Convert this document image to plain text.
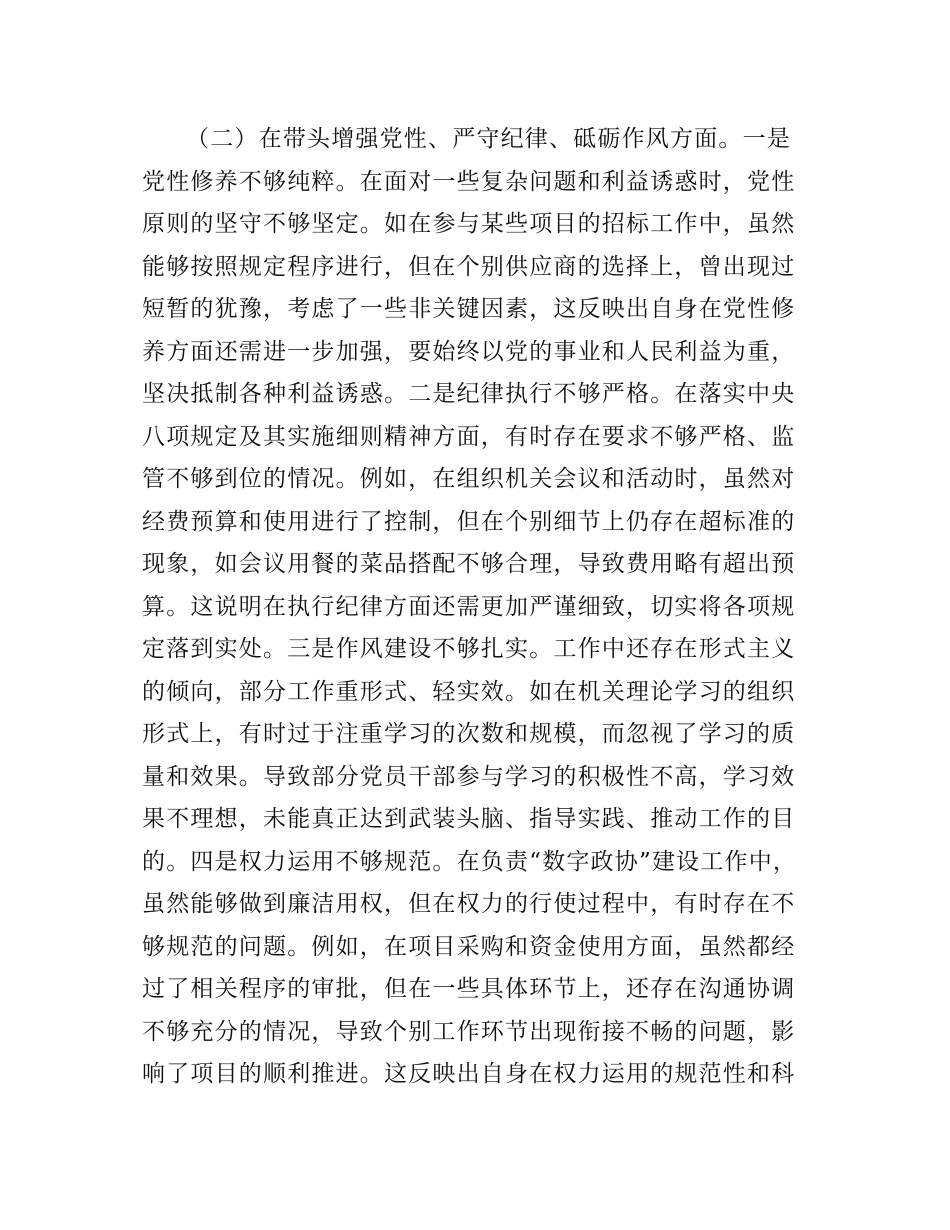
（二）在带头增强党性、严守纪律、砥砺作风方面。一是
党性修养不够纯粹。在面对一些复杂问题和利益诱惑时，党性
原则的坚守不够坚定。如在参与某些项目的招标工作中，虽然
能够按照规定程序进行，但在个别供应商的选择上，曾出现过
短暂的犹豫，考虑了一些非关键因素，这反映出自身在党性修
养方面还需进一步加强，要始终以党的事业和人民利益为重，
坚决抵制各种利益诱惑。二是纪律执行不够严格。在落实中央
八项规定及其实施细则精神方面，有时存在要求不够严格、监
管不够到位的情况。例如，在组织机关会议和活动时，虽然对
经费预算和使用进行了控制，但在个别细节上仍存在超标准的
现象，如会议用餐的菜品搭配不够合理，导致费用略有超出预
算。这说明在执行纪律方面还需更加严谨细致，切实将各项规
定落到实处。三是作风建设不够扎实。工作中还存在形式主义
的倾向，部分工作重形式、轻实效。如在机关理论学习的组织
形式上，有时过于注重学习的次数和规模，而忽视了学习的质
量和效果。导致部分党员干部参与学习的积极性不高，学习效
果不理想，未能真正达到武装头脑、指导实践、推动工作的目
的。四是权力运用不够规范。在负责“数字政协”建设工作中，
虽然能够做到廉洁用权，但在权力的行使过程中，有时存在不
够规范的问题。例如，在项目采购和资金使用方面，虽然都经
过了相关程序的审批，但在一些具体环节上，还存在沟通协调
不够充分的情况，导致个别工作环节出现衔接不畅的问题，影
响了项目的顺利推进。这反映出自身在权力运用的规范性和科
